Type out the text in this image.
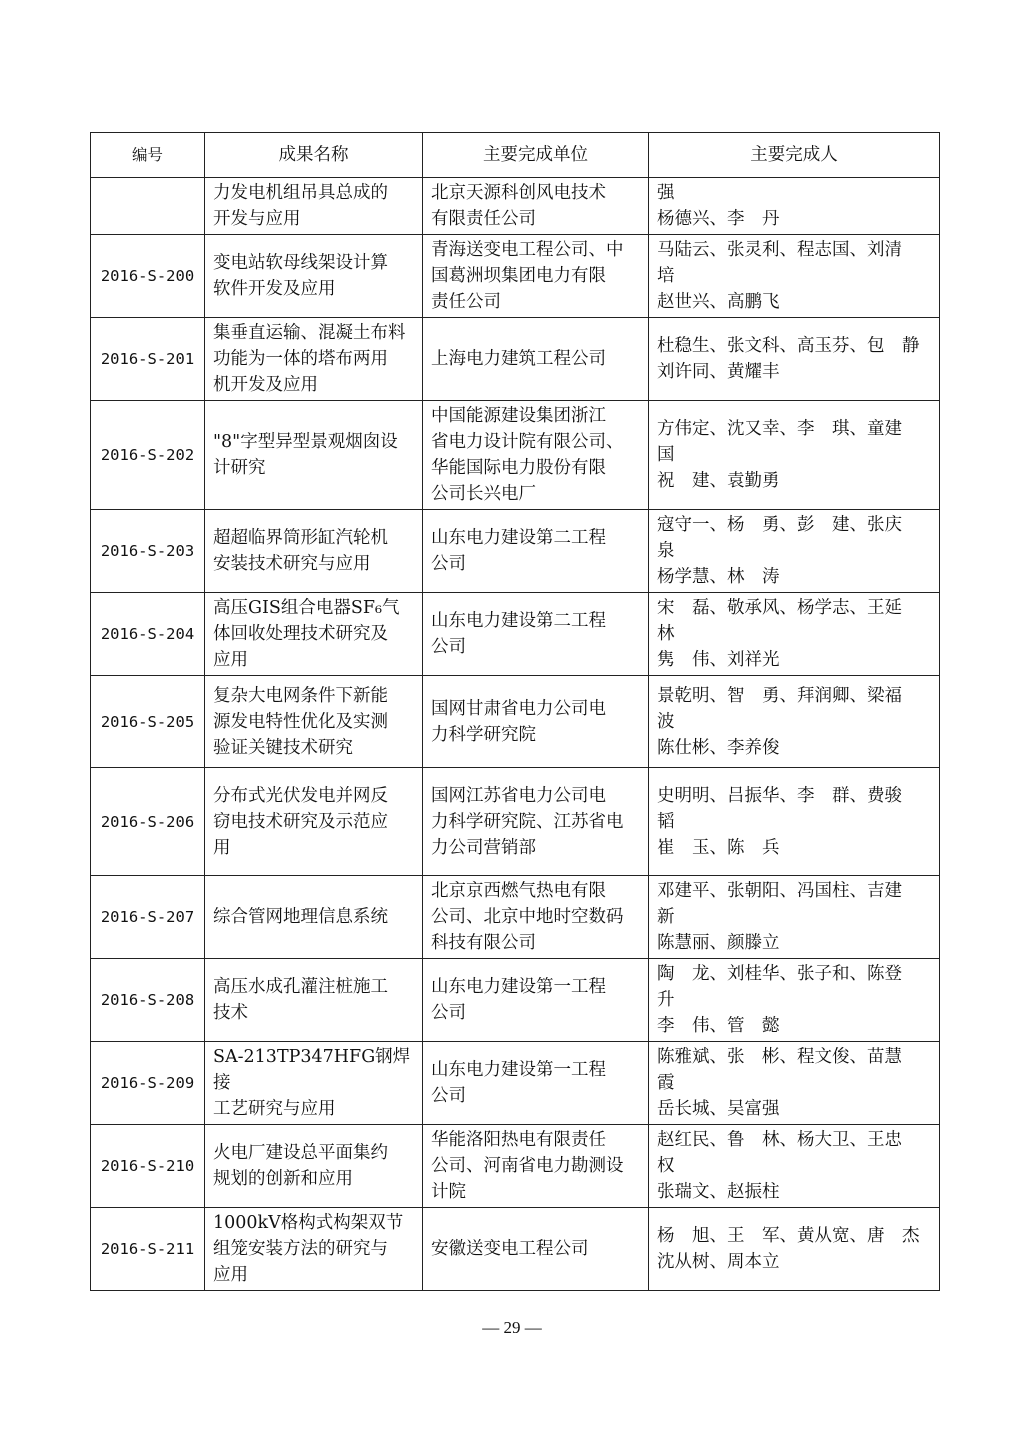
编号	成果名称	主要完成单位	主要完成人

	力发电机组吊具总成的
开发与应用	北京天源科创风电技术
有限责任公司	强
杨德兴、李　丹

2016-S-200	变电站软母线架设计算
软件开发及应用	青海送变电工程公司、中
国葛洲坝集团电力有限
责任公司	马陆云、张灵利、程志国、刘清
培
赵世兴、高鹏飞

2016-S-201	集垂直运输、混凝土布料
功能为一体的塔布两用
机开发及应用	上海电力建筑工程公司	杜稳生、张文科、高玉芬、包　静
刘许同、黄耀丰

2016-S-202	"8"字型异型景观烟囱设
计研究	中国能源建设集团浙江
省电力设计院有限公司、
华能国际电力股份有限
公司长兴电厂	方伟定、沈又幸、李　琪、童建
国
祝　建、袁勤勇

2016-S-203	超超临界筒形缸汽轮机
安装技术研究与应用	山东电力建设第二工程
公司	寇守一、杨　勇、彭　建、张庆
泉
杨学慧、林　涛

2016-S-204	高压GIS组合电器SF₆气
体回收处理技术研究及
应用	山东电力建设第二工程
公司	宋　磊、敬承风、杨学志、王延
林
隽　伟、刘祥光

2016-S-205	复杂大电网条件下新能
源发电特性优化及实测
验证关键技术研究	国网甘肃省电力公司电
力科学研究院	景乾明、智　勇、拜润卿、梁福
波
陈仕彬、李养俊

2016-S-206	分布式光伏发电并网反
窃电技术研究及示范应
用	国网江苏省电力公司电
力科学研究院、江苏省电
力公司营销部	史明明、吕振华、李　群、费骏
韬
崔　玉、陈　兵

2016-S-207	综合管网地理信息系统	北京京西燃气热电有限
公司、北京中地时空数码
科技有限公司	邓建平、张朝阳、冯国柱、吉建
新
陈慧丽、颜滕立

2016-S-208	高压水成孔灌注桩施工
技术	山东电力建设第一工程
公司	陶　龙、刘桂华、张子和、陈登
升
李　伟、管　懿

2016-S-209	SA-213TP347HFG钢焊接
工艺研究与应用	山东电力建设第一工程
公司	陈雅斌、张　彬、程文俊、苗慧
霞
岳长城、吴富强

2016-S-210	火电厂建设总平面集约
规划的创新和应用	华能洛阳热电有限责任
公司、河南省电力勘测设
计院	赵红民、鲁　林、杨大卫、王忠
权
张瑞文、赵振柱

2016-S-211	1000kV格构式构架双节
组笼安装方法的研究与
应用	安徽送变电工程公司	杨　旭、王　军、黄从宽、唐　杰
沈从树、周本立
— 29 —
